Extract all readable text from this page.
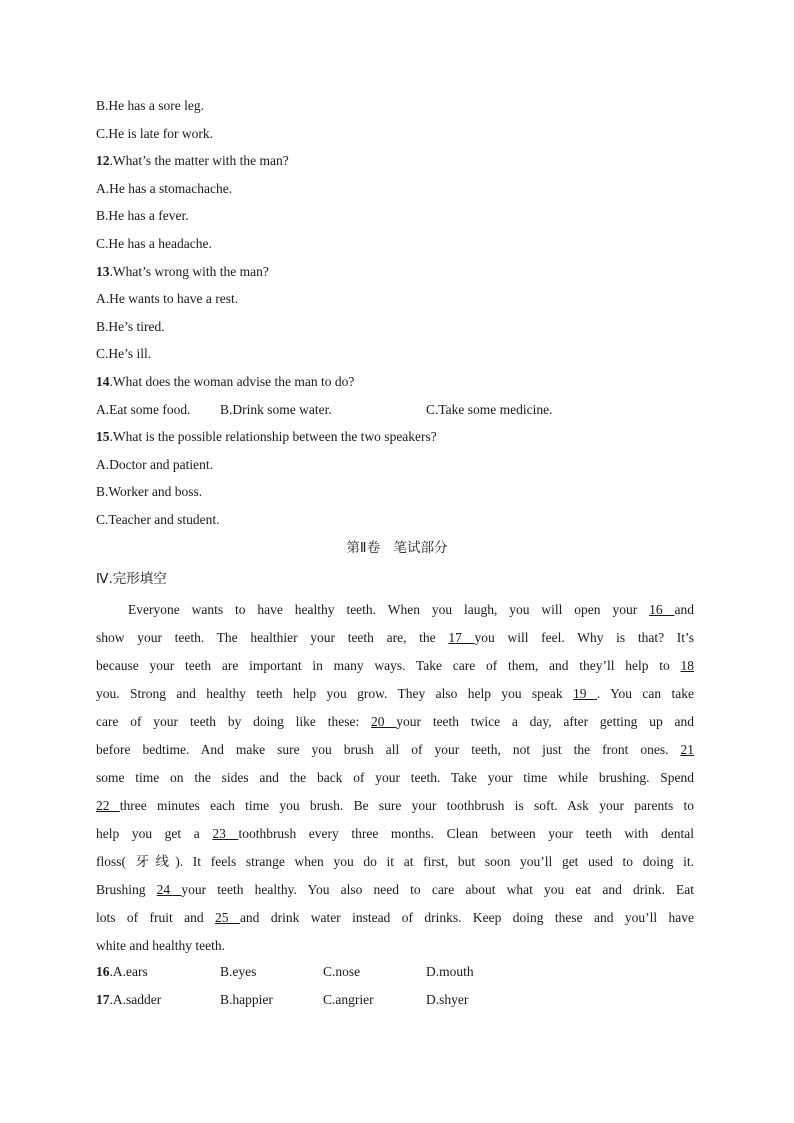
B.He has a sore leg.
C.He is late for work.
12.What’s the matter with the man?
A.He has a stomachache.
B.He has a fever.
C.He has a headache.
13.What’s wrong with the man?
A.He wants to have a rest.
B.He’s tired.
C.He’s ill.
14.What does the woman advise the man to do?
A.Eat some food. B.Drink some water.	C.Take some medicine.
15.What is the possible relationship between the two speakers?
A.Doctor and patient.
B.Worker and boss.
C.Teacher and student.
第Ⅱ卷　笔试部分
Ⅳ.完形填空
Everyone wants to have healthy teeth. When you laugh, you will open your 16 and
show your teeth. The healthier your teeth are, the 17 you will feel. Why is that? It’s
because your teeth are important in many ways. Take care of them, and they’ll help to 18
you. Strong and healthy teeth help you grow. They also help you speak 19 . You can take
care of your teeth by doing like these: 20 your teeth twice a day, after getting up and
before bedtime. And make sure you brush all of your teeth, not just the front ones. 21
some time on the sides and the back of your teeth. Take your time while brushing. Spend
22 three minutes each time you brush. Be sure your toothbrush is soft. Ask your parents to
help you get a 23 toothbrush every three months. Clean between your teeth with dental
floss( 牙线). It feels strange when you do it at first, but soon you’ll get used to doing it.
Brushing 24 your teeth healthy. You also need to care about what you eat and drink. Eat
lots of fruit and 25 and drink water instead of drinks. Keep doing these and you’ll have
white and healthy teeth.
16.A.ears	B.eyes	C.nose	D.mouth
17.A.sadder	B.happier	C.angrier	D.shyer
